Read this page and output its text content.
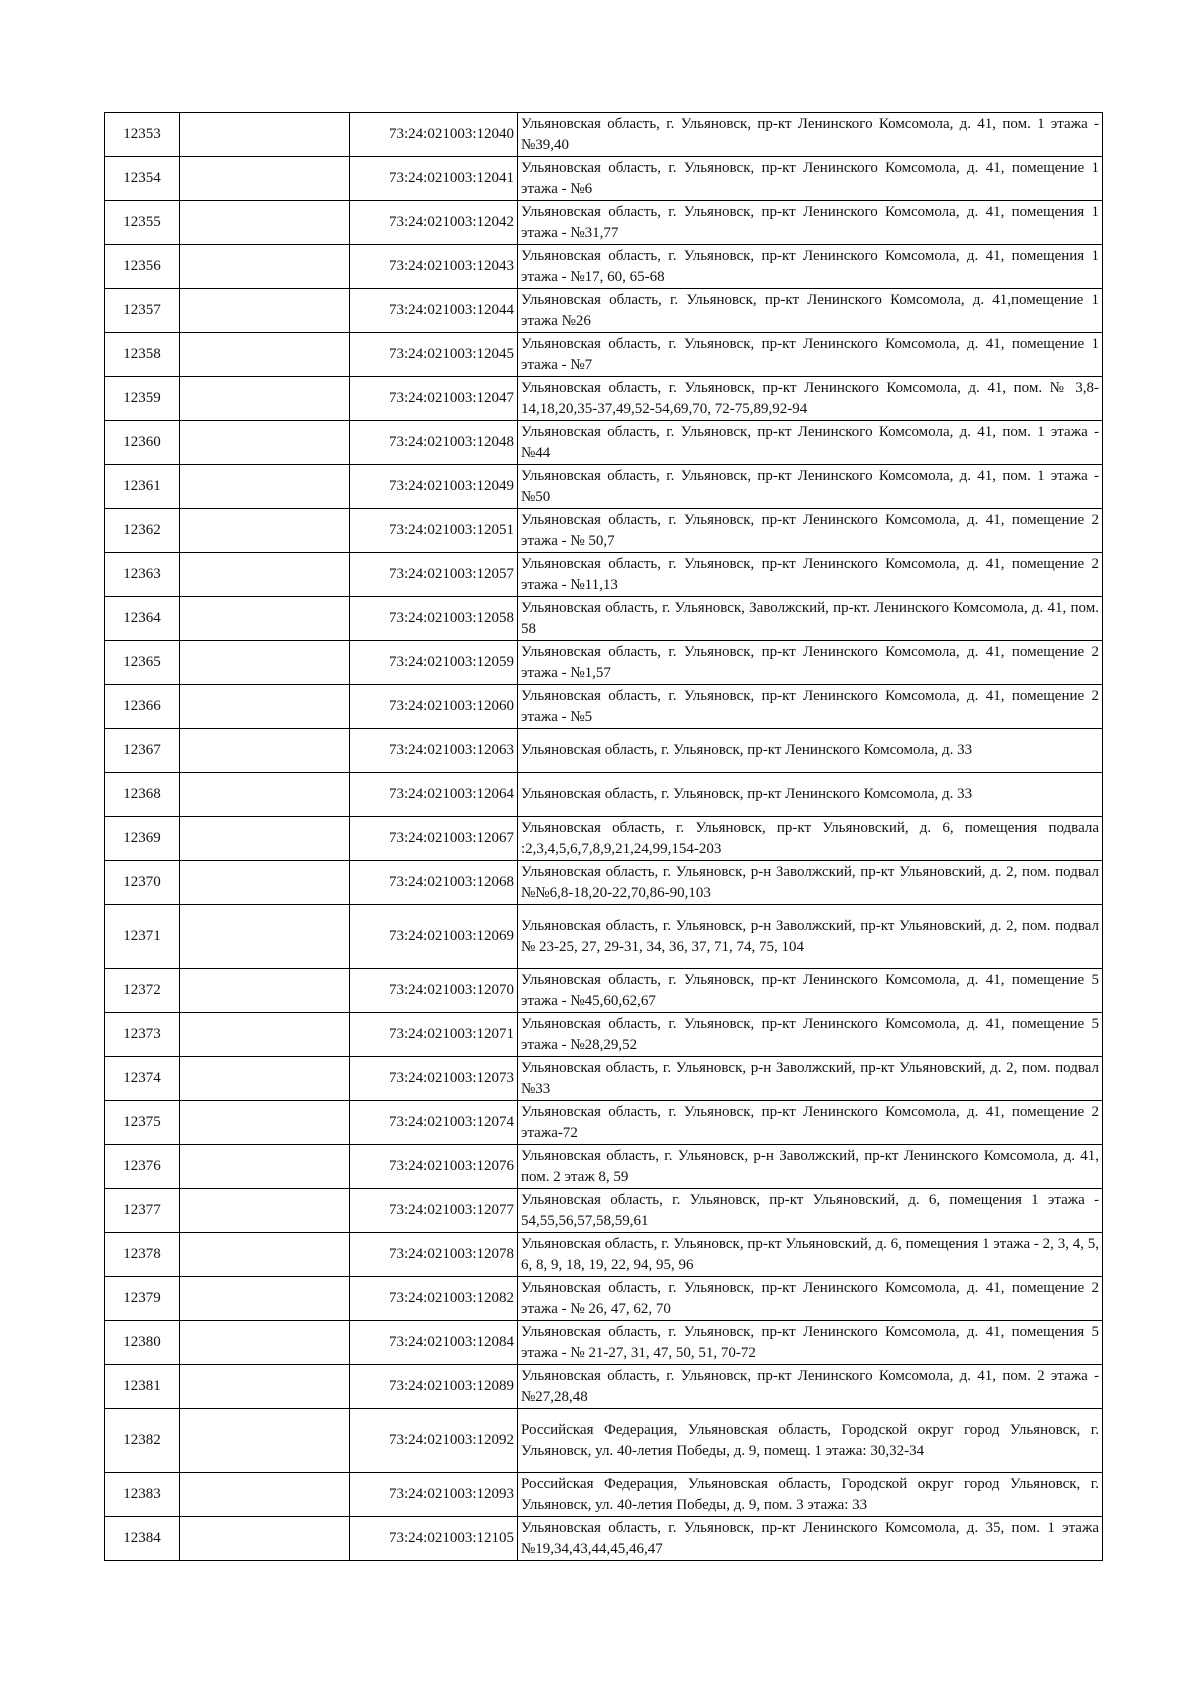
12353		73:24:021003:12040	Ульяновская область, г. Ульяновск, пр-кт Ленинского Комсомола, д. 41, пом. 1 этажа - №39,40
12354		73:24:021003:12041	Ульяновская область, г. Ульяновск, пр-кт Ленинского Комсомола, д. 41, помещение 1 этажа - №6
12355		73:24:021003:12042	Ульяновская область, г. Ульяновск, пр-кт Ленинского Комсомола, д. 41, помещения 1 этажа - №31,77
12356		73:24:021003:12043	Ульяновская область, г. Ульяновск, пр-кт Ленинского Комсомола, д. 41, помещения 1 этажа - №17, 60, 65-68
12357		73:24:021003:12044	Ульяновская область, г. Ульяновск, пр-кт Ленинского Комсомола, д. 41,помещение 1 этажа №26
12358		73:24:021003:12045	Ульяновская область, г. Ульяновск, пр-кт Ленинского Комсомола, д. 41, помещение 1 этажа - №7
12359		73:24:021003:12047	Ульяновская область, г. Ульяновск, пр-кт Ленинского Комсомола, д. 41, пом. № 3,8-14,18,20,35-37,49,52-54,69,70, 72-75,89,92-94
12360		73:24:021003:12048	Ульяновская область, г. Ульяновск, пр-кт Ленинского Комсомола, д. 41, пом. 1 этажа - №44
12361		73:24:021003:12049	Ульяновская область, г. Ульяновск, пр-кт Ленинского Комсомола, д. 41, пом. 1 этажа - №50
12362		73:24:021003:12051	Ульяновская область, г. Ульяновск, пр-кт Ленинского Комсомола, д. 41, помещение 2 этажа - № 50,7
12363		73:24:021003:12057	Ульяновская область, г. Ульяновск, пр-кт Ленинского Комсомола, д. 41, помещение 2 этажа - №11,13
12364		73:24:021003:12058	Ульяновская область, г. Ульяновск, Заволжский, пр-кт. Ленинского Комсомола, д. 41, пом. 58
12365		73:24:021003:12059	Ульяновская область, г. Ульяновск, пр-кт Ленинского Комсомола, д. 41, помещение 2 этажа - №1,57
12366		73:24:021003:12060	Ульяновская область, г. Ульяновск, пр-кт Ленинского Комсомола, д. 41, помещение 2 этажа - №5
12367		73:24:021003:12063	Ульяновская область, г. Ульяновск, пр-кт Ленинского Комсомола, д. 33
12368		73:24:021003:12064	Ульяновская область, г. Ульяновск, пр-кт Ленинского Комсомола, д. 33
12369		73:24:021003:12067	Ульяновская область, г. Ульяновск, пр-кт Ульяновский, д. 6, помещения подвала :2,3,4,5,6,7,8,9,21,24,99,154-203
12370		73:24:021003:12068	Ульяновская область, г. Ульяновск, р-н Заволжский, пр-кт Ульяновский, д. 2, пом. подвал №№6,8-18,20-22,70,86-90,103
12371		73:24:021003:12069	Ульяновская область, г. Ульяновск, р-н Заволжский, пр-кт Ульяновский, д. 2, пом. подвал № 23-25, 27, 29-31, 34, 36, 37, 71, 74, 75, 104
12372		73:24:021003:12070	Ульяновская область, г. Ульяновск, пр-кт Ленинского Комсомола, д. 41, помещение 5 этажа - №45,60,62,67
12373		73:24:021003:12071	Ульяновская область, г. Ульяновск, пр-кт Ленинского Комсомола, д. 41, помещение 5 этажа - №28,29,52
12374		73:24:021003:12073	Ульяновская область, г. Ульяновск, р-н Заволжский, пр-кт Ульяновский, д. 2, пом. подвал №33
12375		73:24:021003:12074	Ульяновская область, г. Ульяновск, пр-кт Ленинского Комсомола, д. 41, помещение 2 этажа-72
12376		73:24:021003:12076	Ульяновская область, г. Ульяновск, р-н Заволжский, пр-кт Ленинского Комсомола, д. 41, пом. 2 этаж 8, 59
12377		73:24:021003:12077	Ульяновская область, г. Ульяновск, пр-кт Ульяновский, д. 6, помещения 1 этажа - 54,55,56,57,58,59,61
12378		73:24:021003:12078	Ульяновская область, г. Ульяновск, пр-кт Ульяновский, д. 6, помещения 1 этажа - 2, 3, 4, 5, 6, 8, 9, 18, 19, 22, 94, 95, 96
12379		73:24:021003:12082	Ульяновская область, г. Ульяновск, пр-кт Ленинского Комсомола, д. 41, помещение 2 этажа - № 26, 47, 62, 70
12380		73:24:021003:12084	Ульяновская область, г. Ульяновск, пр-кт Ленинского Комсомола, д. 41, помещения 5 этажа - № 21-27, 31, 47, 50, 51, 70-72
12381		73:24:021003:12089	Ульяновская область, г. Ульяновск, пр-кт Ленинского Комсомола, д. 41, пом. 2 этажа - №27,28,48
12382		73:24:021003:12092	Российская Федерация, Ульяновская область, Городской округ город Ульяновск, г. Ульяновск, ул. 40-летия Победы, д. 9, помещ. 1 этажа: 30,32-34
12383		73:24:021003:12093	Российская Федерация, Ульяновская область, Городской округ город Ульяновск, г. Ульяновск, ул. 40-летия Победы, д. 9, пом. 3 этажа: 33
12384		73:24:021003:12105	Ульяновская область, г. Ульяновск, пр-кт Ленинского Комсомола, д. 35, пом. 1 этажа №19,34,43,44,45,46,47
